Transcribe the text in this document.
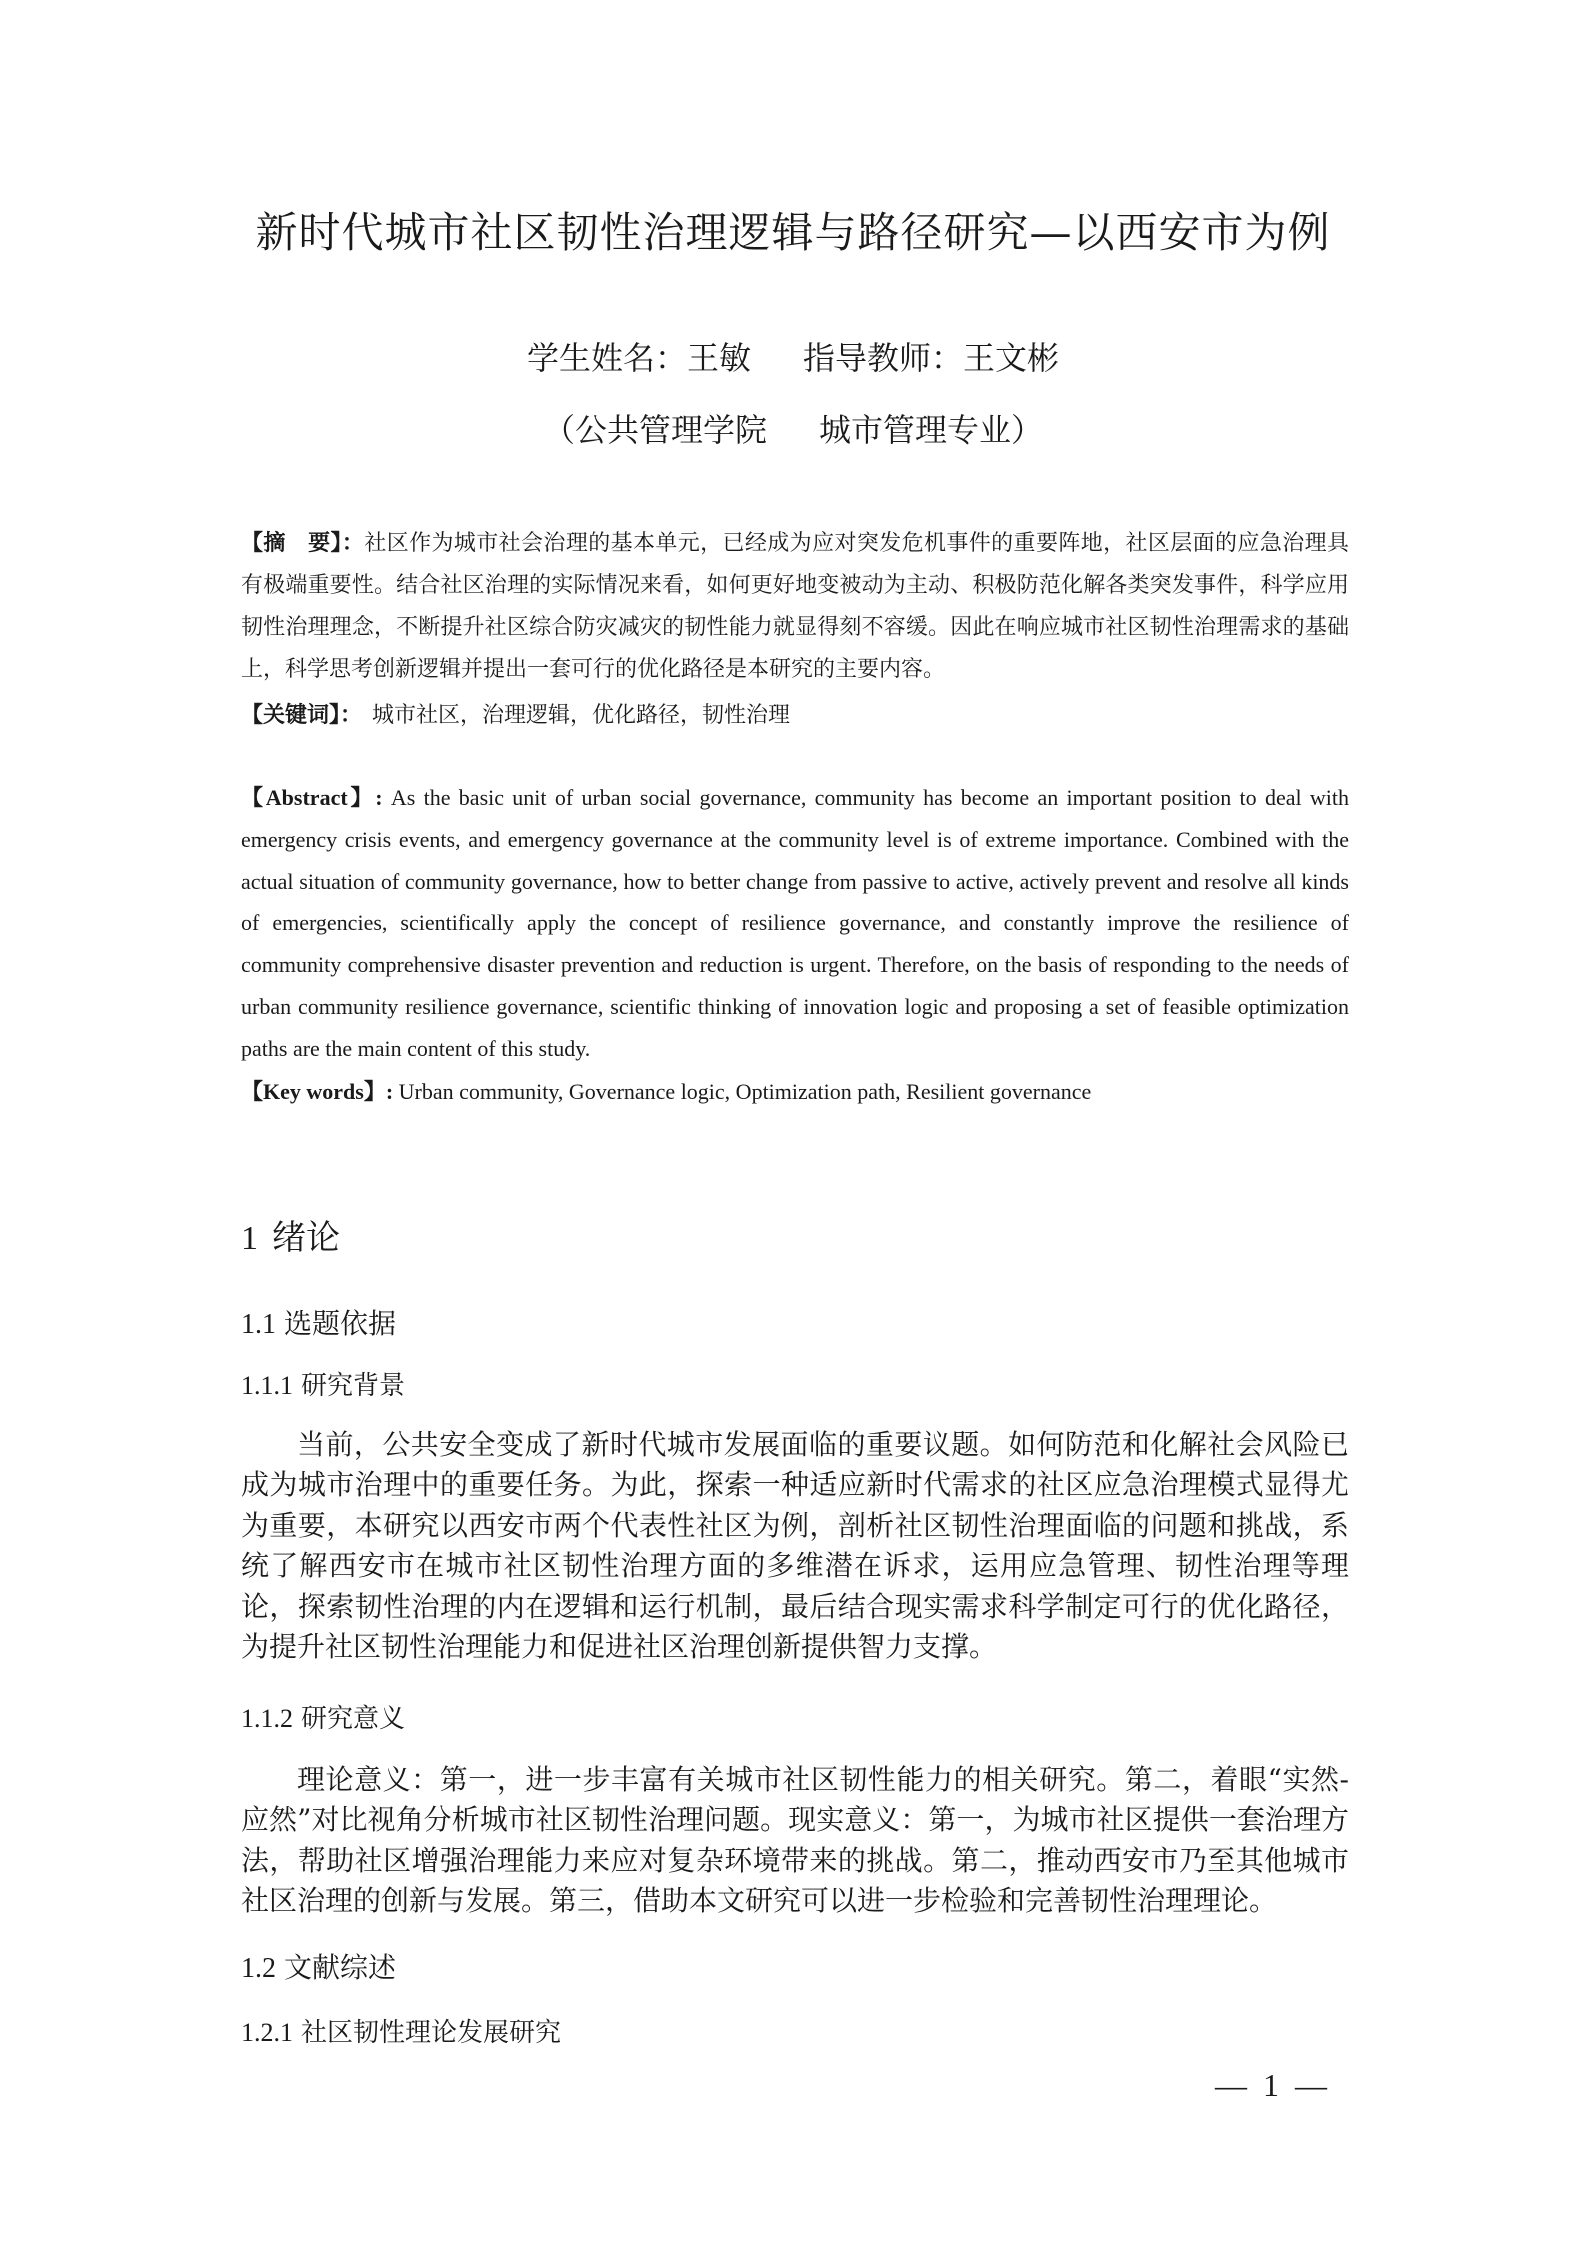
新时代城市社区韧性治理逻辑与路径研究—以西安市为例
学生姓名：王敏 指导教师：王文彬
（公共管理学院 城市管理专业）
【摘　要】：社区作为城市社会治理的基本单元，已经成为应对突发危机事件的重要阵地，社区层面的应急治理具有极端重要性。结合社区治理的实际情况来看，如何更好地变被动为主动、积极防范化解各类突发事件，科学应用韧性治理理念，不断提升社区综合防灾减灾的韧性能力就显得刻不容缓。因此在响应城市社区韧性治理需求的基础上，科学思考创新逻辑并提出一套可行的优化路径是本研究的主要内容。
【关键词】： 城市社区，治理逻辑，优化路径，韧性治理
【Abstract】: As the basic unit of urban social governance, community has become an important position to deal with emergency crisis events, and emergency governance at the community level is of extreme importance. Combined with the actual situation of community governance, how to better change from passive to active, actively prevent and resolve all kinds of emergencies, scientifically apply the concept of resilience governance, and constantly improve the resilience of community comprehensive disaster prevention and reduction is urgent. Therefore, on the basis of responding to the needs of urban community resilience governance, scientific thinking of innovation logic and proposing a set of feasible optimization paths are the main content of this study.
【Key words】: Urban community, Governance logic, Optimization path, Resilient governance
1 绪论
1.1 选题依据
1.1.1 研究背景
当前，公共安全变成了新时代城市发展面临的重要议题。如何防范和化解社会风险已成为城市治理中的重要任务。为此，探索一种适应新时代需求的社区应急治理模式显得尤为重要，本研究以西安市两个代表性社区为例，剖析社区韧性治理面临的问题和挑战，系统了解西安市在城市社区韧性治理方面的多维潜在诉求，运用应急管理、韧性治理等理论，探索韧性治理的内在逻辑和运行机制，最后结合现实需求科学制定可行的优化路径，为提升社区韧性治理能力和促进社区治理创新提供智力支撑。
1.1.2 研究意义
理论意义：第一，进一步丰富有关城市社区韧性能力的相关研究。第二，着眼“实然-应然”对比视角分析城市社区韧性治理问题。现实意义：第一，为城市社区提供一套治理方法，帮助社区增强治理能力来应对复杂环境带来的挑战。第二，推动西安市乃至其他城市社区治理的创新与发展。第三，借助本文研究可以进一步检验和完善韧性治理理论。
1.2 文献综述
1.2.1 社区韧性理论发展研究
— 1 —
